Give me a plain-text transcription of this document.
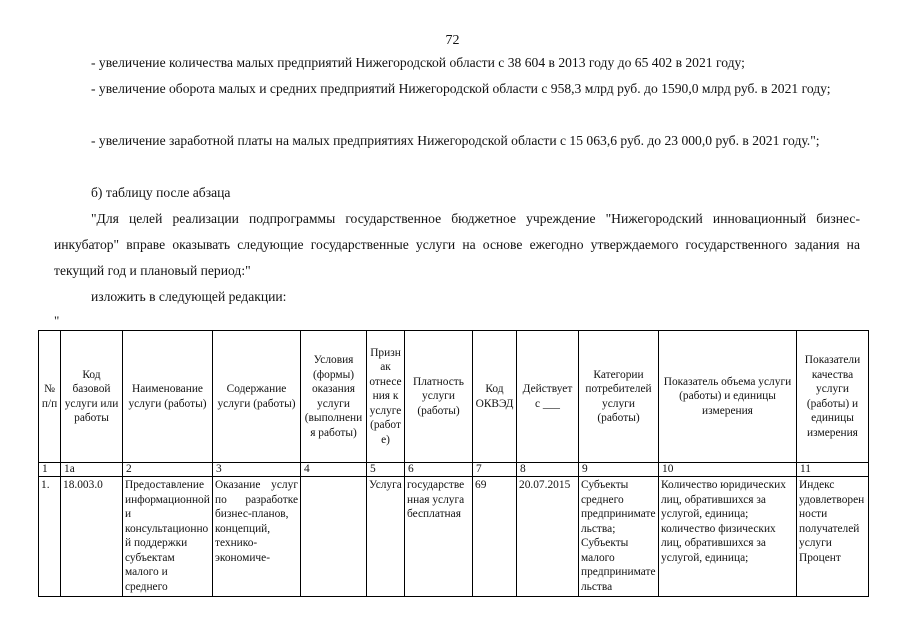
72

- увеличение количества малых предприятий Нижегородской области с 38 604 в 2013 году до 65 402 в 2021 году;

- увеличение оборота малых и средних предприятий Нижегородской области с 958,3 млрд руб. до 1590,0 млрд руб. в 2021 году;

- увеличение заработной платы на малых предприятиях Нижегородской области с 15 063,6 руб. до 23 000,0 руб. в 2021 году.";

б) таблицу после абзаца

"Для целей реализации подпрограммы государственное бюджетное учреждение "Нижегородский инновационный бизнес-инкубатор" вправе оказывать следующие государственные услуги на основе ежегодно утверждаемого государственного задания на текущий год и плановый период:"

изложить в следующей редакции:

"
№ п/п	Код базовой услуги или работы	Наименование услуги (работы)	Содержание услуги (работы)	Условия (формы) оказания услуги (выполнения работы)	Признак отнесения к услуге (работе)	Платность услуги (работы)	Код ОКВЭД	Действует с ___	Категории потребителей услуги (работы)	Показатель объема услуги (работы) и единицы измерения	Показатели качества услуги (работы) и единицы измерения
1	1а	2	3	4	5	6	7	8	9	10	11
1.	18.003.0	Предоставление информационной и консультационной поддержки субъектам малого и среднего	Оказание услуг по разработке бизнес-планов, концепций, технико-экономиче-		Услуга	государственная услуга бесплатная	69	20.07.2015	Субъекты среднего предпринимательства; Субъекты малого предпринимательства	Количество юридических лиц, обратившихся за услугой, единица; количество физических лиц, обратившихся за услугой, единица;	Индекс удовлетворенности получателей услуги Процент
